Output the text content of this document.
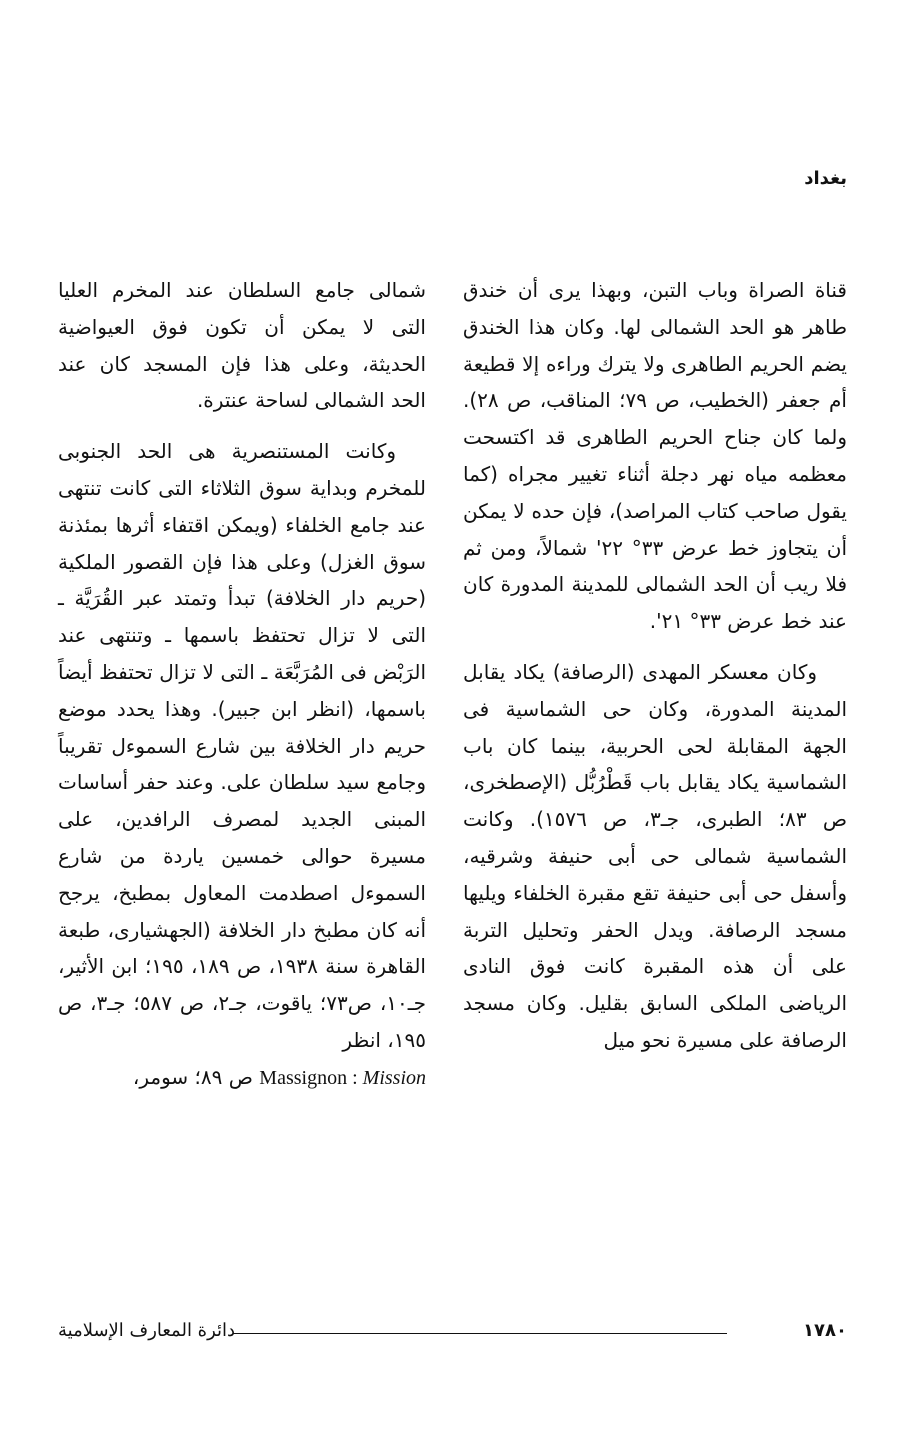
بغداد

قناة الصراة وباب التبن، وبهذا يرى أن خندق طاهر هو الحد الشمالى لها. وكان هذا الخندق يضم الحريم الطاهرى ولا يترك وراءه إلا قطيعة أم جعفر (الخطيب، ص ٧٩؛ المناقب، ص ٢٨). ولما كان جناح الحريم الطاهرى قد اكتسحت معظمه مياه نهر دجلة أثناء تغيير مجراه (كما يقول صاحب كتاب المراصد)، فإن حده لا يمكن أن يتجاوز خط عرض ٣٣° ٢٢' شمالاً، ومن ثم فلا ريب أن الحد الشمالى للمدينة المدورة كان عند خط عرض ٣٣° ٢١'.

وكان معسكر المهدى (الرصافة) يكاد يقابل المدينة المدورة، وكان حى الشماسية فى الجهة المقابلة لحى الحربية، بينما كان باب الشماسية يكاد يقابل باب قَطْرُبُّل (الإصطخرى، ص ٨٣؛ الطبرى، جـ٣، ص ١٥٧٦). وكانت الشماسية شمالى حى أبى حنيفة وشرقيه، وأسفل حى أبى حنيفة تقع مقبرة الخلفاء ويليها مسجد الرصافة. ويدل الحفر وتحليل التربة على أن هذه المقبرة كانت فوق النادى الرياضى الملكى السابق بقليل. وكان مسجد الرصافة على مسيرة نحو ميل

شمالى جامع السلطان عند المخرم العليا التى لا يمكن أن تكون فوق العيواضية الحديثة، وعلى هذا فإن المسجد كان عند الحد الشمالى لساحة عنترة.

وكانت المستنصرية هى الحد الجنوبى للمخرم وبداية سوق الثلاثاء التى كانت تنتهى عند جامع الخلفاء (ويمكن اقتفاء أثرها بمئذنة سوق الغزل) وعلى هذا فإن القصور الملكية (حريم دار الخلافة) تبدأ وتمتد عبر القُرَيَّة ـ التى لا تزال تحتفظ باسمها ـ وتنتهى عند الرَبْض فى المُرَبَّعَة ـ التى لا تزال تحتفظ أيضاً باسمها، (انظر ابن جبير). وهذا يحدد موضع حريم دار الخلافة بين شارع السموءل تقريباً وجامع سيد سلطان على. وعند حفر أساسات المبنى الجديد لمصرف الرافدين، على مسيرة حوالى خمسين ياردة من شارع السموءل اصطدمت المعاول بمطبخ، يرجح أنه كان مطبخ دار الخلافة (الجهشيارى، طبعة القاهرة سنة ١٩٣٨، ص ١٨٩، ١٩٥؛ ابن الأثير، جـ١٠، ص٧٣؛ ياقوت، جـ٢، ص ٥٨٧؛ جـ٣، ص ١٩٥، انظر

Massignon : Mission ص ٨٩؛ سومر،

١٧٨٠
دائرة المعارف الإسلامية
